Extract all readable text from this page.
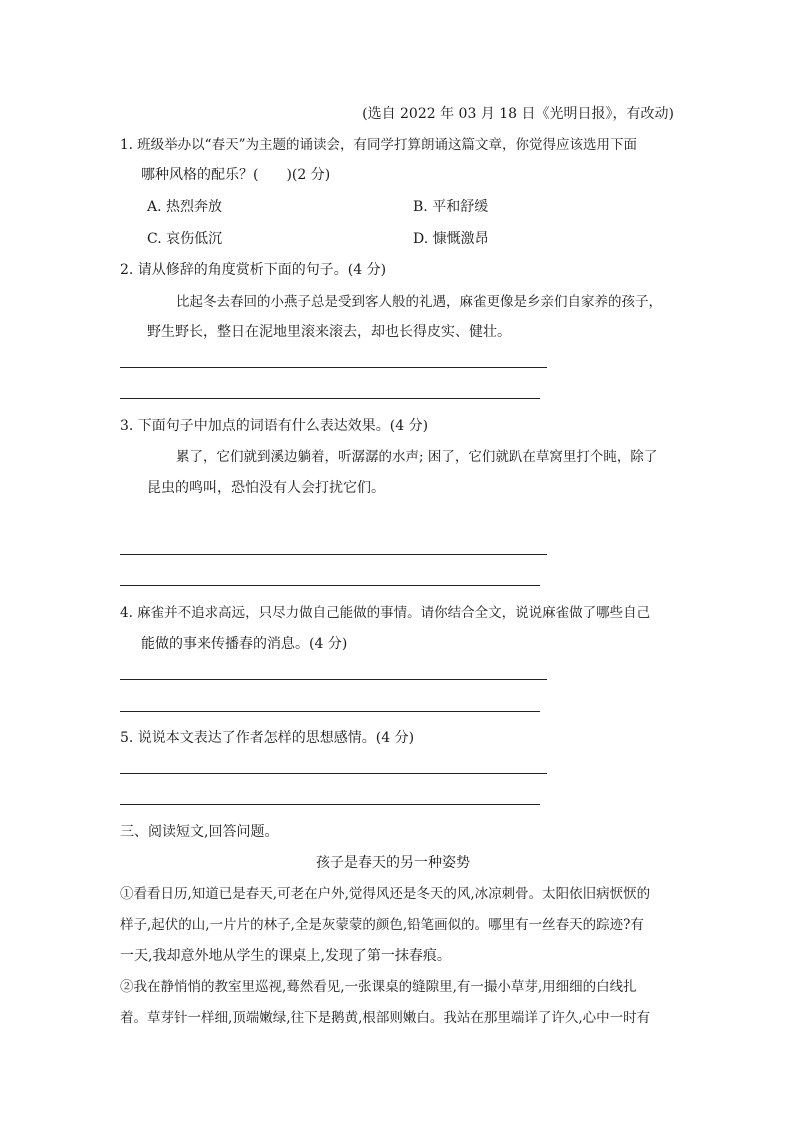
(选自 2022 年 03 月 18 日《光明日报》，有改动)
1. 班级举办以“春天”为主题的诵读会，有同学打算朗诵这篇文章，你觉得应该选用下面
哪种风格的配乐？(　　)(2 分)
A. 热烈奔放	B. 平和舒缓
C. 哀伤低沉	D. 慷慨激昂
2. 请从修辞的角度赏析下面的句子。(4 分)
比起冬去春回的小燕子总是受到客人般的礼遇，麻雀更像是乡亲们自家养的孩子，
野生野长，整日在泥地里滚来滚去，却也长得皮实、健壮。
3. 下面句子中加点的词语有什么表达效果。(4 分)
累了，它们就到溪边躺着，听潺潺的水声; 困了，它们就趴在草窝里打个盹，除了
昆虫的鸣叫，恐怕没有人会打扰它们。
4. 麻雀并不追求高远，只尽力做自己能做的事情。请你结合全文，说说麻雀做了哪些自己
能做的事来传播春的消息。(4 分)
5. 说说本文表达了作者怎样的思想感情。(4 分)
三、阅读短文,回答问题。
孩子是春天的另一种姿势
①看看日历,知道已是春天,可老在户外,觉得风还是冬天的风,冰凉刺骨。太阳依旧病恹恹的
样子,起伏的山,一片片的林子,全是灰蒙蒙的颜色,铅笔画似的。哪里有一丝春天的踪迹?有
一天,我却意外地从学生的课桌上,发现了第一抹春痕。
②我在静悄悄的教室里巡视,蓦然看见,一张课桌的缝隙里,有一撮小草芽,用细细的白线扎
着。草芽针一样细,顶端嫩绿,往下是鹅黄,根部则嫩白。我站在那里端详了许久,心中一时有
